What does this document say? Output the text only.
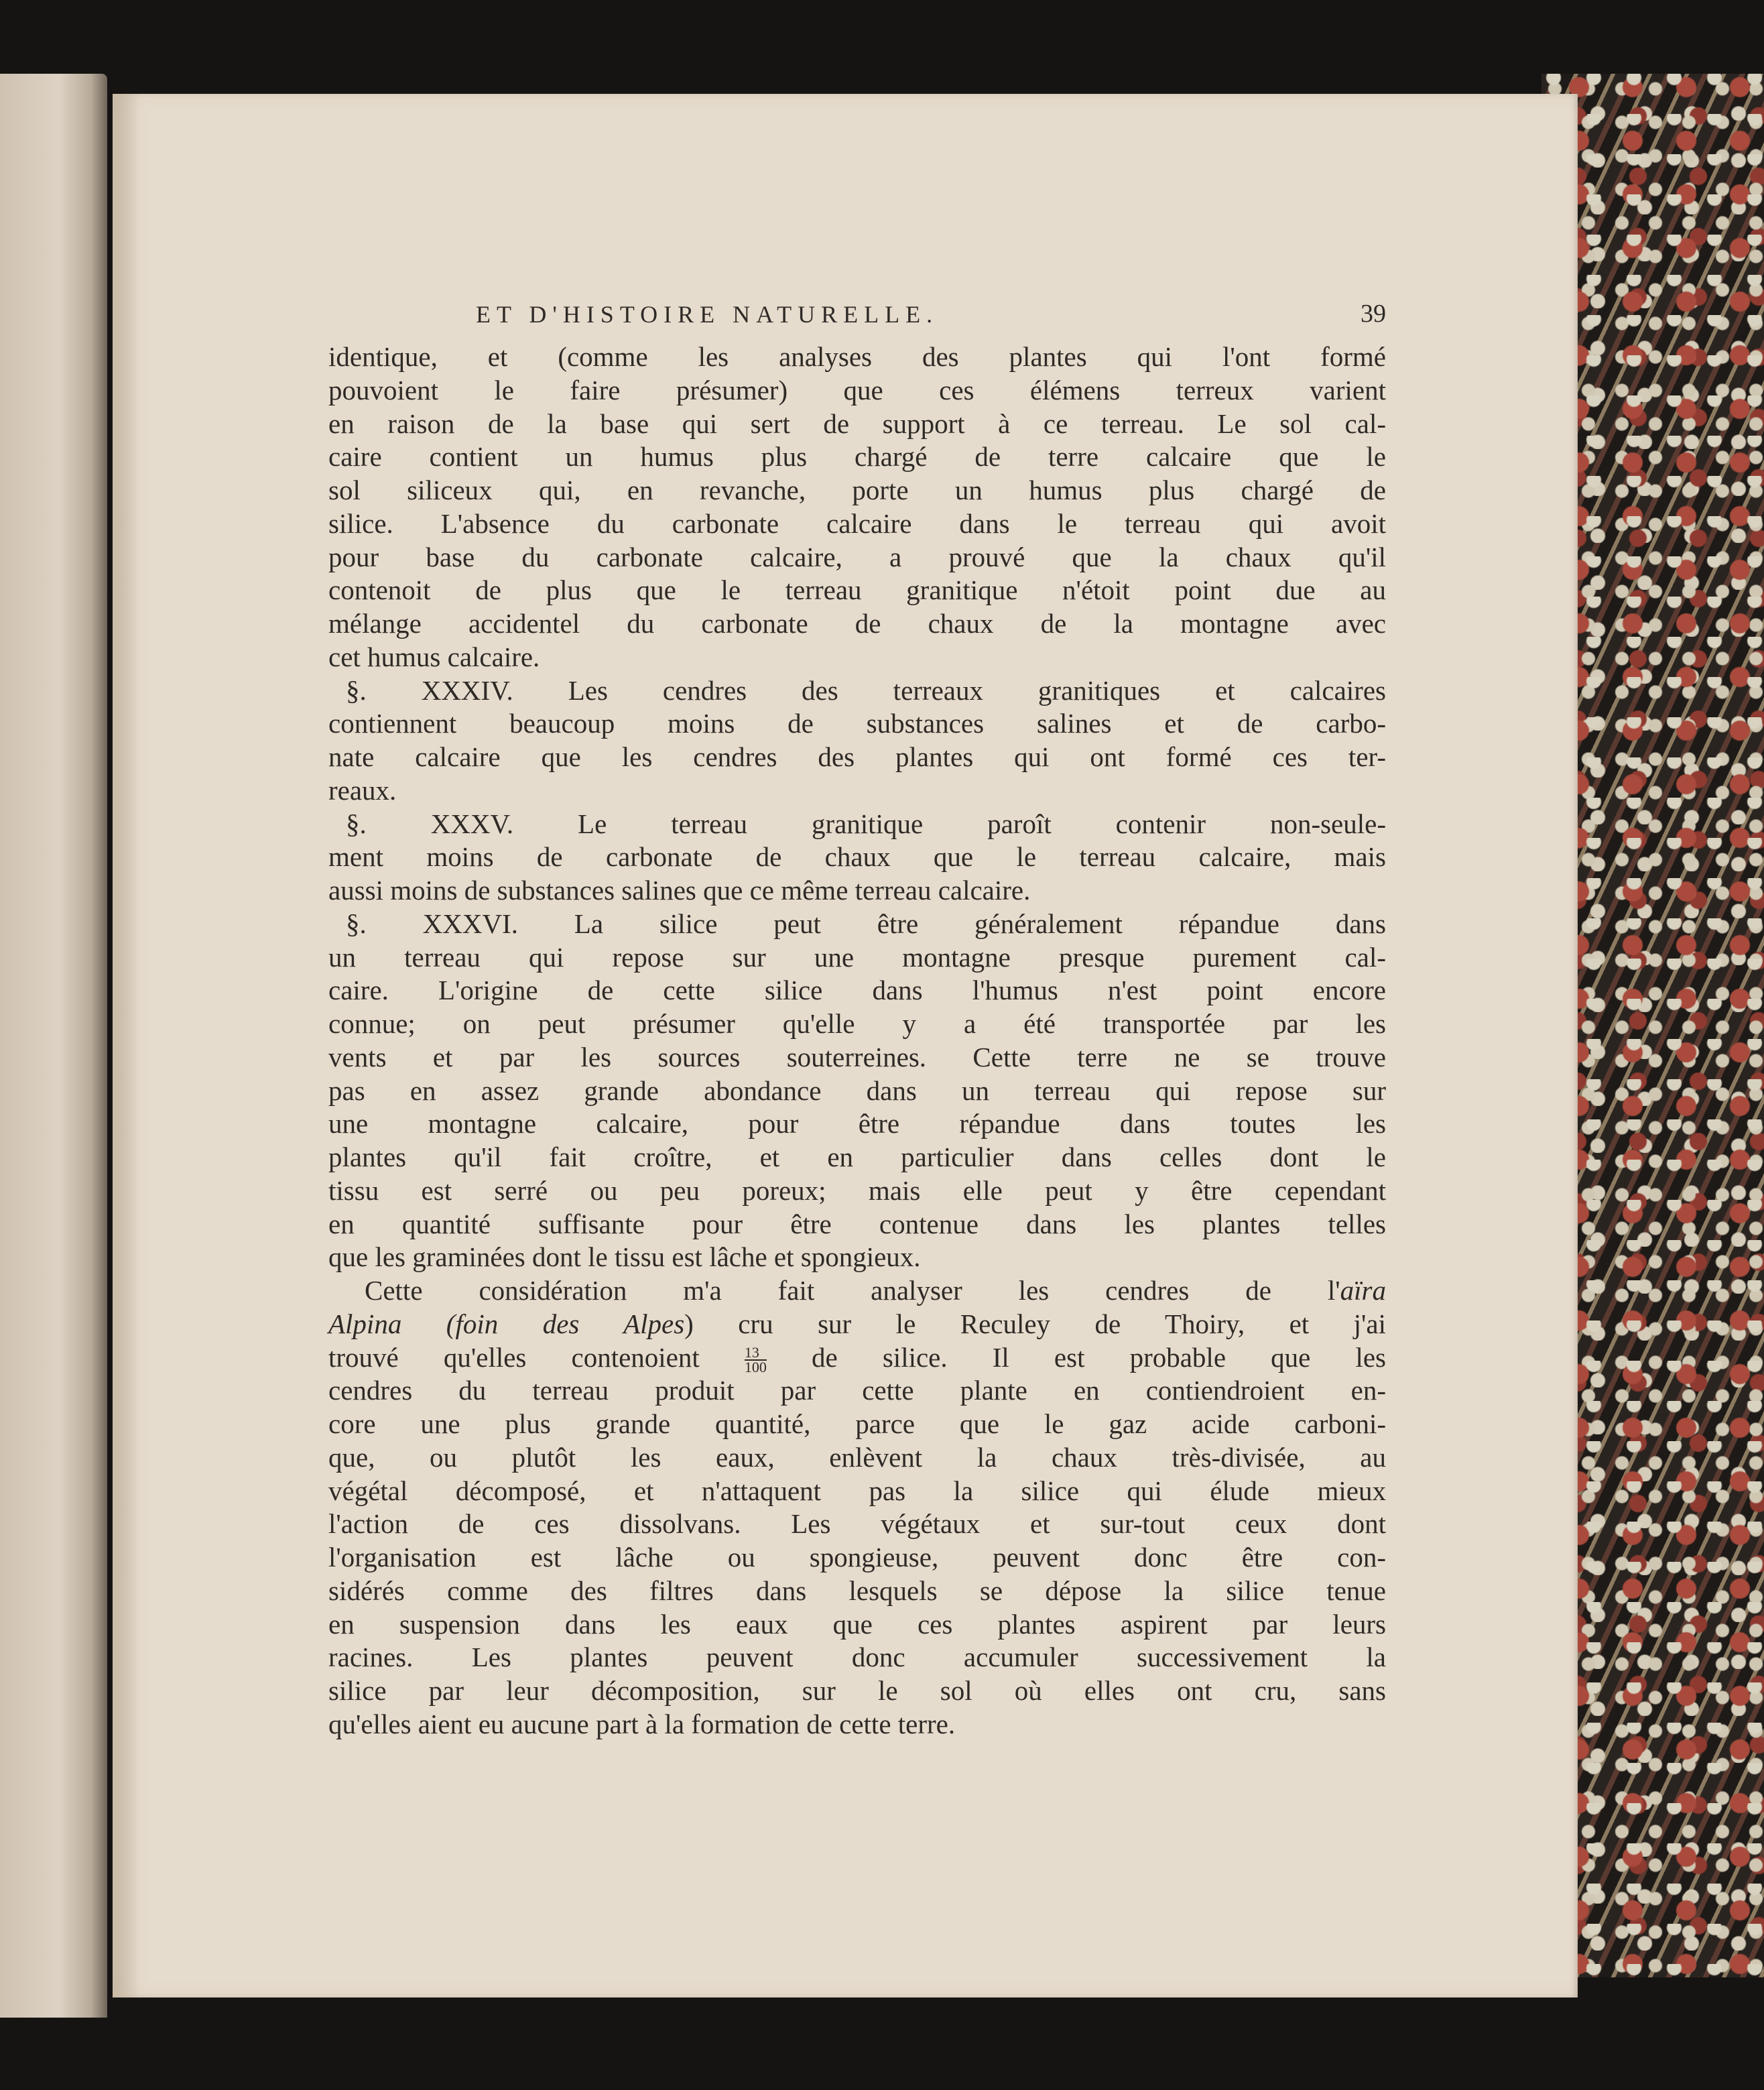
ET D'HISTOIRE NATURELLE.	39
identique, et (comme les analyses des plantes qui l'ont formé
pouvoient le faire présumer) que ces élémens terreux varient
en raison de la base qui sert de support à ce terreau. Le sol cal-
caire contient un humus plus chargé de terre calcaire que le
sol siliceux qui, en revanche, porte un humus plus chargé de
silice. L'absence du carbonate calcaire dans le terreau qui avoit
pour base du carbonate calcaire, a prouvé que la chaux qu'il
contenoit de plus que le terreau granitique n'étoit point due au
mélange accidentel du carbonate de chaux de la montagne avec
cet humus calcaire.
§. XXXIV. Les cendres des terreaux granitiques et calcaires
contiennent beaucoup moins de substances salines et de carbo-
nate calcaire que les cendres des plantes qui ont formé ces ter-
reaux.
§. XXXV. Le terreau granitique paroît contenir non-seule-
ment moins de carbonate de chaux que le terreau calcaire, mais
aussi moins de substances salines que ce même terreau calcaire.
§. XXXVI. La silice peut être généralement répandue dans
un terreau qui repose sur une montagne presque purement cal-
caire. L'origine de cette silice dans l'humus n'est point encore
connue; on peut présumer qu'elle y a été transportée par les
vents et par les sources souterreines. Cette terre ne se trouve
pas en assez grande abondance dans un terreau qui repose sur
une montagne calcaire, pour être répandue dans toutes les
plantes qu'il fait croître, et en particulier dans celles dont le
tissu est serré ou peu poreux; mais elle peut y être cependant
en quantité suffisante pour être contenue dans les plantes telles
que les graminées dont le tissu est lâche et spongieux.
Cette considération m'a fait analyser les cendres de l'aïra
Alpina (foin des Alpes) cru sur le Reculey de Thoiry, et j'ai
trouvé qu'elles contenoient $\frac{13}{100}$ de silice. Il est probable que les
cendres du terreau produit par cette plante en contiendroient en-
core une plus grande quantité, parce que le gaz acide carboni-
que, ou plutôt les eaux, enlèvent la chaux très-divisée, au
végétal décomposé, et n'attaquent pas la silice qui élude mieux
l'action de ces dissolvans. Les végétaux et sur-tout ceux dont
l'organisation est lâche ou spongieuse, peuvent donc être con-
sidérés comme des filtres dans lesquels se dépose la silice tenue
en suspension dans les eaux que ces plantes aspirent par leurs
racines. Les plantes peuvent donc accumuler successivement la
silice par leur décomposition, sur le sol où elles ont cru, sans
qu'elles aient eu aucune part à la formation de cette terre.
